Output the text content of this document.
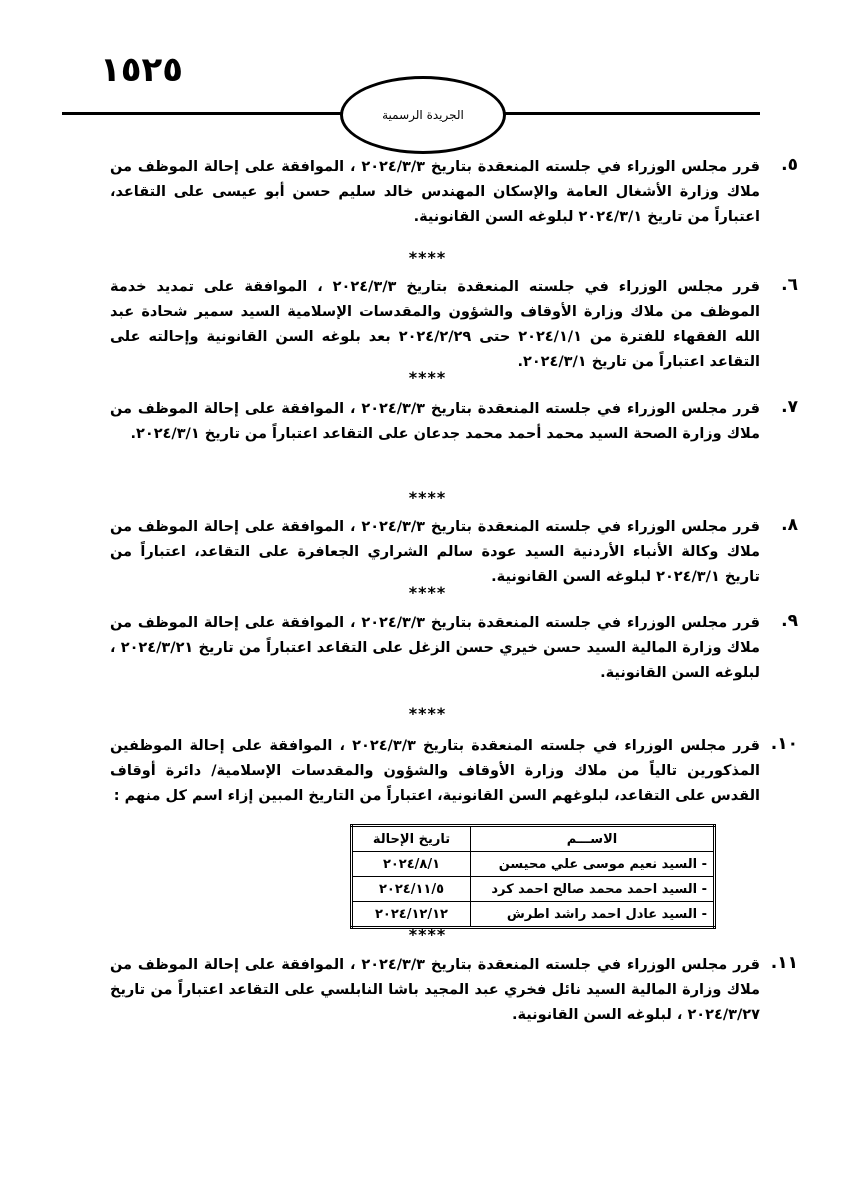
١٥٢٥
الجريدة الرسمية
٥.

قرر مجلس الوزراء في جلسته المنعقدة بتاريخ ٢٠٢٤/٣/٣ ، الموافقة على إحالة الموظف من ملاك وزارة الأشغال العامة والإسكان المهندس خالد سليم حسن أبو عيسى على التقاعد، اعتباراً من تاريخ ٢٠٢٤/٣/١ لبلوغه السن القانونية.

****
٦.

قرر مجلس الوزراء في جلسته المنعقدة بتاريخ ٢٠٢٤/٣/٣ ، الموافقة على تمديد خدمة الموظف من ملاك وزارة الأوقاف والشؤون والمقدسات الإسلامية السيد سمير شحادة عبد الله الفقهاء للفترة من ٢٠٢٤/١/١ حتى ٢٠٢٤/٢/٢٩ بعد بلوغه السن القانونية وإحالته على التقاعد اعتباراً من تاريخ ٢٠٢٤/٣/١.

****
٧.

قرر مجلس الوزراء في جلسته المنعقدة بتاريخ ٢٠٢٤/٣/٣ ، الموافقة على إحالة الموظف من ملاك وزارة الصحة السيد محمد أحمد محمد جدعان على التقاعد اعتباراً من تاريخ ٢٠٢٤/٣/١.

****
٨.

قرر مجلس الوزراء في جلسته المنعقدة بتاريخ ٢٠٢٤/٣/٣ ، الموافقة على إحالة الموظف من ملاك وكالة الأنباء الأردنية السيد عودة سالم الشراري الجعافرة على التقاعد، اعتباراً من تاريخ ٢٠٢٤/٣/١ لبلوغه السن القانونية.

****
٩.

قرر مجلس الوزراء في جلسته المنعقدة بتاريخ ٢٠٢٤/٣/٣ ، الموافقة على إحالة الموظف من ملاك وزارة المالية السيد حسن خيري حسن الزغل على التقاعد اعتباراً من تاريخ ٢٠٢٤/٣/٢١ ، لبلوغه السن القانونية.

****
١٠.

قرر مجلس الوزراء في جلسته المنعقدة بتاريخ ٢٠٢٤/٣/٣ ، الموافقة على إحالة الموظفين المذكورين تالياً من ملاك وزارة الأوقاف والشؤون والمقدسات الإسلامية/ دائرة أوقاف القدس على التقاعد، لبلوغهم السن القانونية، اعتباراً من التاريخ المبين إزاء اسم كل منهم :

الاســـم	تاريخ الإحالة
- السيد نعيم موسى علي محيسن	٢٠٢٤/٨/١
- السيد احمد محمد صالح احمد كرد	٢٠٢٤/١١/٥
- السيد عادل احمد راشد اطرش	٢٠٢٤/١٢/١٢
****
١١.

قرر مجلس الوزراء في جلسته المنعقدة بتاريخ ٢٠٢٤/٣/٣ ، الموافقة على إحالة الموظف من ملاك وزارة المالية السيد نائل فخري عبد المجيد باشا النابلسي على التقاعد اعتباراً من تاريخ ٢٠٢٤/٣/٢٧ ، لبلوغه السن القانونية.
